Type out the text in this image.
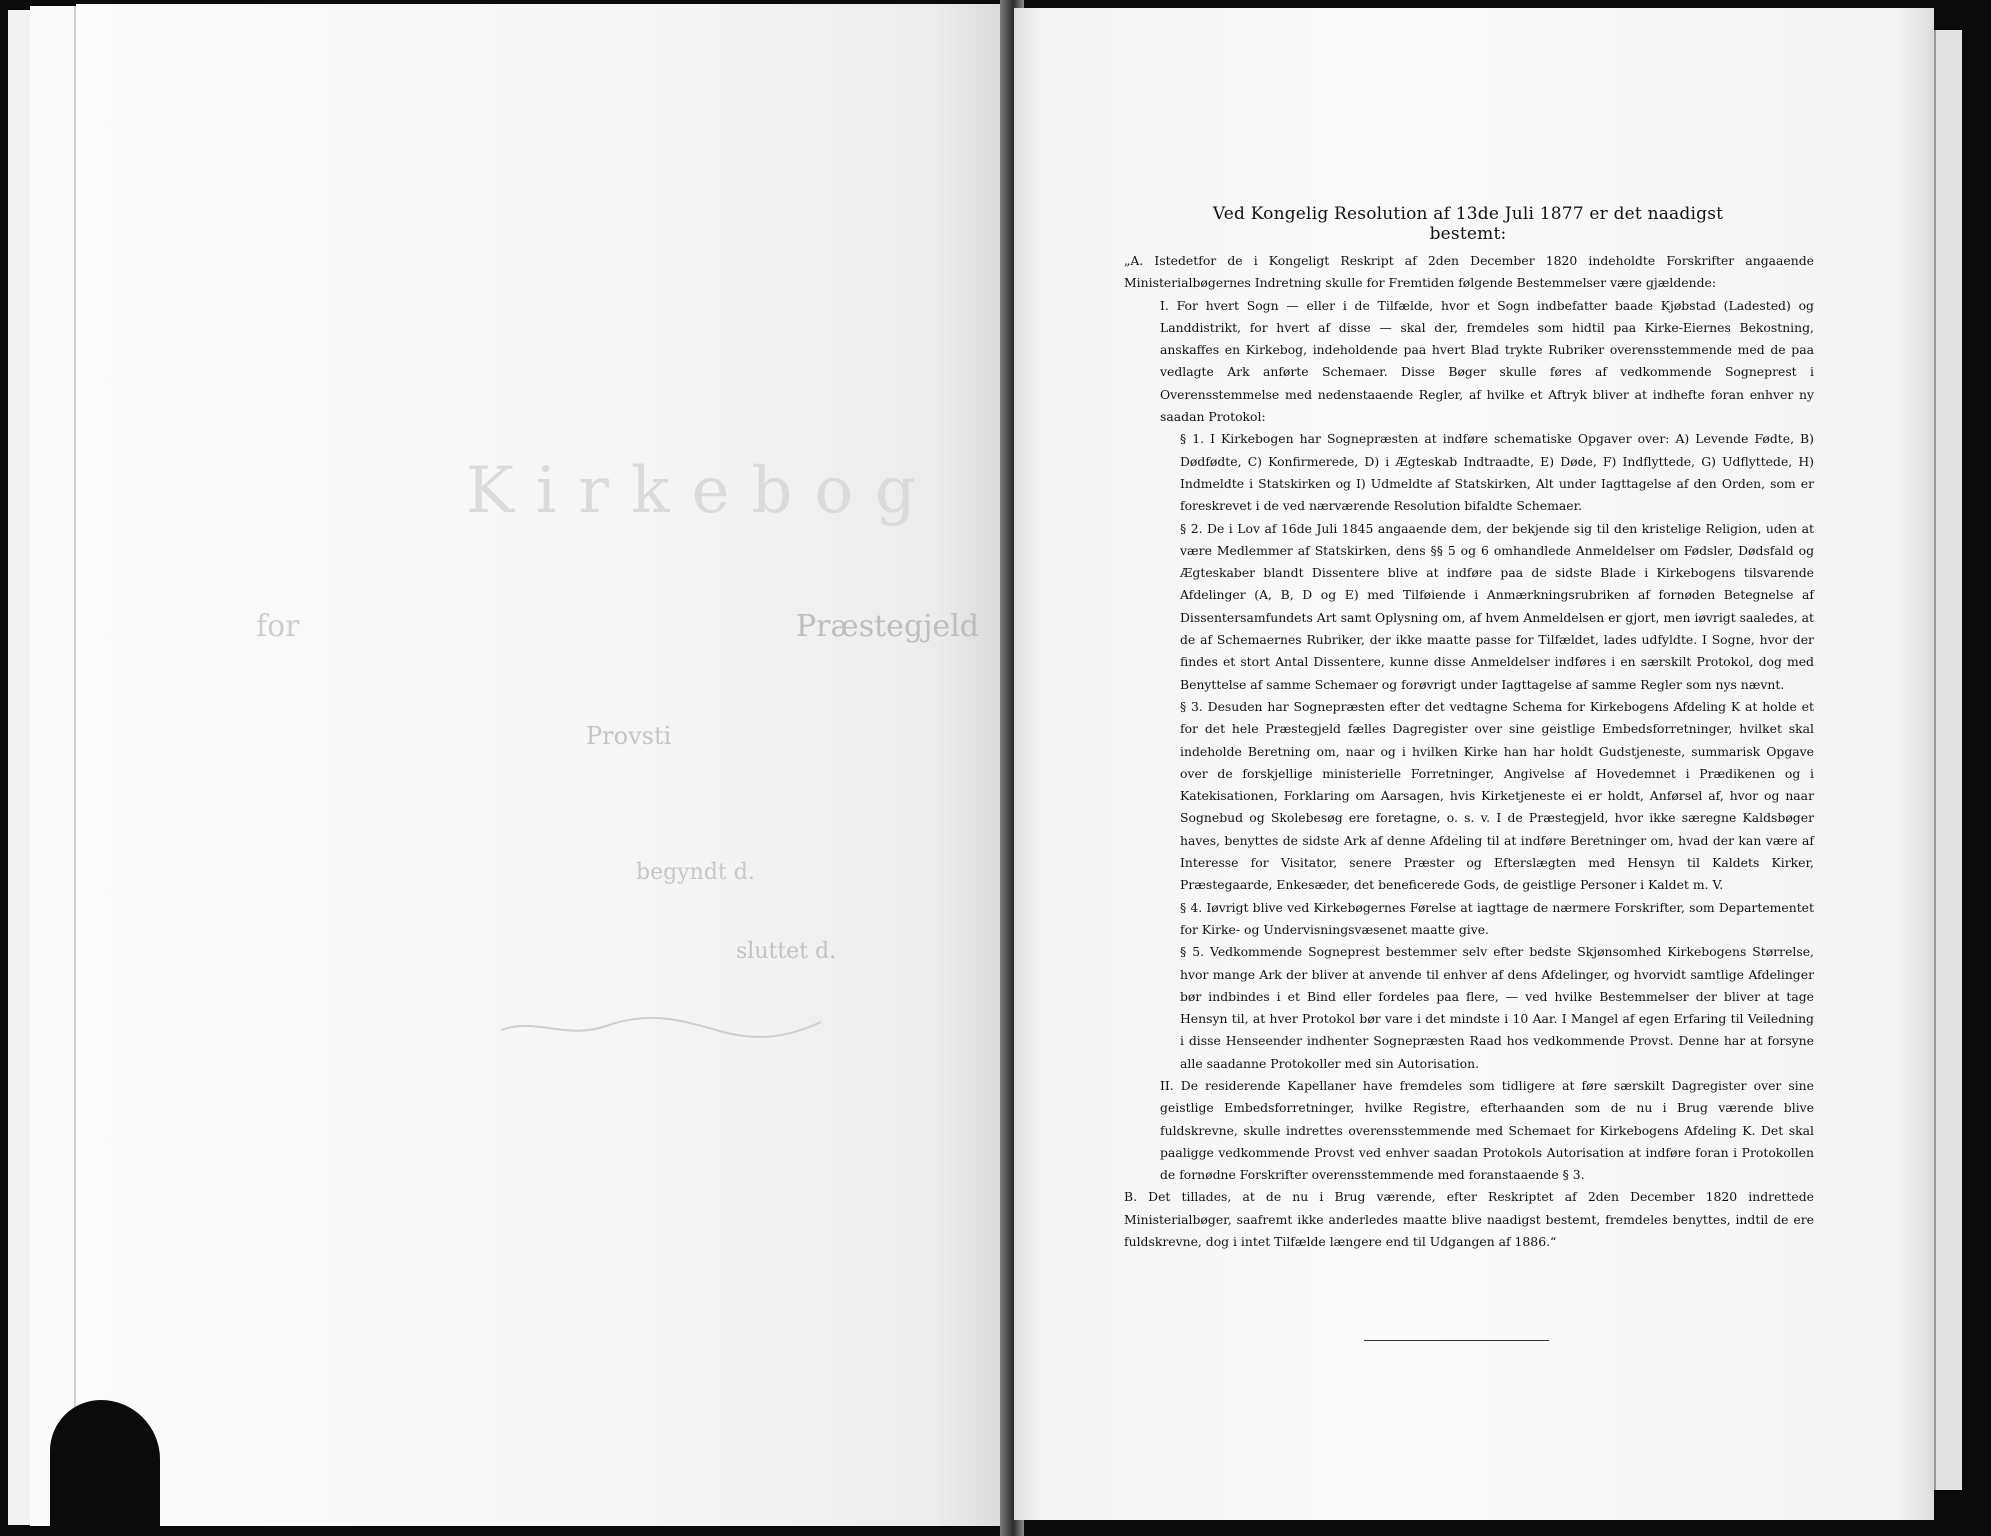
Kirkebog
for	Præstegjeld
Provsti
begyndt d.
sluttet d.
Ved Kongelig Resolution af 13de Juli 1877 er det naadigst bestemt:

„A. Istedetfor de i Kongeligt Reskript af 2den December 1820 indeholdte Forskrifter angaaende Ministerialbøgernes Indretning skulle for Fremtiden følgende Bestemmelser være gjældende:

I. For hvert Sogn — eller i de Tilfælde, hvor et Sogn indbefatter baade Kjøbstad (Ladested) og Landdistrikt, for hvert af disse — skal der, fremdeles som hidtil paa Kirke-Eiernes Bekostning, anskaffes en Kirkebog, indeholdende paa hvert Blad trykte Rubriker overensstemmende med de paa vedlagte Ark anførte Schemaer. Disse Bøger skulle føres af vedkommende Sogneprest i Overensstemmelse med nedenstaaende Regler, af hvilke et Aftryk bliver at indhefte foran enhver ny saadan Protokol:

§ 1. I Kirkebogen har Sognepræsten at indføre schematiske Opgaver over: A) Levende Fødte, B) Dødfødte, C) Konfirmerede, D) i Ægteskab Indtraadte, E) Døde, F) Indflyttede, G) Udflyttede, H) Indmeldte i Statskirken og I) Udmeldte af Statskirken, Alt under Iagttagelse af den Orden, som er foreskrevet i de ved nærværende Resolution bifaldte Schemaer.

§ 2. De i Lov af 16de Juli 1845 angaaende dem, der bekjende sig til den kristelige Religion, uden at være Medlemmer af Statskirken, dens §§ 5 og 6 omhandlede Anmeldelser om Fødsler, Dødsfald og Ægteskaber blandt Dissentere blive at indføre paa de sidste Blade i Kirkebogens tilsvarende Afdelinger (A, B, D og E) med Tilføiende i Anmærkningsrubriken af fornøden Betegnelse af Dissentersamfundets Art samt Oplysning om, af hvem Anmeldelsen er gjort, men iøvrigt saaledes, at de af Schemaernes Rubriker, der ikke maatte passe for Tilfældet, lades udfyldte. I Sogne, hvor der findes et stort Antal Dissentere, kunne disse Anmeldelser indføres i en særskilt Protokol, dog med Benyttelse af samme Schemaer og forøvrigt under Iagttagelse af samme Regler som nys nævnt.

§ 3. Desuden har Sognepræsten efter det vedtagne Schema for Kirkebogens Afdeling K at holde et for det hele Præstegjeld fælles Dagregister over sine geistlige Embedsforretninger, hvilket skal indeholde Beretning om, naar og i hvilken Kirke han har holdt Gudstjeneste, summarisk Opgave over de forskjellige ministerielle Forretninger, Angivelse af Hovedemnet i Prædikenen og i Katekisationen, Forklaring om Aarsagen, hvis Kirketjeneste ei er holdt, Anførsel af, hvor og naar Sognebud og Skolebesøg ere foretagne, o. s. v. I de Præstegjeld, hvor ikke særegne Kaldsbøger haves, benyttes de sidste Ark af denne Afdeling til at indføre Beretninger om, hvad der kan være af Interesse for Visitator, senere Præster og Efterslægten med Hensyn til Kaldets Kirker, Præstegaarde, Enkesæder, det beneficerede Gods, de geistlige Personer i Kaldet m. V.

§ 4. Iøvrigt blive ved Kirkebøgernes Førelse at iagttage de nærmere Forskrifter, som Departementet for Kirke- og Undervisningsvæsenet maatte give.

§ 5. Vedkommende Sogneprest bestemmer selv efter bedste Skjønsomhed Kirkebogens Størrelse, hvor mange Ark der bliver at anvende til enhver af dens Afdelinger, og hvorvidt samtlige Afdelinger bør indbindes i et Bind eller fordeles paa flere, — ved hvilke Bestemmelser der bliver at tage Hensyn til, at hver Protokol bør vare i det mindste i 10 Aar. I Mangel af egen Erfaring til Veiledning i disse Henseender indhenter Sognepræsten Raad hos vedkommende Provst. Denne har at forsyne alle saadanne Protokoller med sin Autorisation.

II. De residerende Kapellaner have fremdeles som tidligere at føre særskilt Dagregister over sine geistlige Embedsforretninger, hvilke Registre, efterhaanden som de nu i Brug værende blive fuldskrevne, skulle indrettes overensstemmende med Schemaet for Kirkebogens Afdeling K. Det skal paaligge vedkommende Provst ved enhver saadan Protokols Autorisation at indføre foran i Protokollen de fornødne Forskrifter overensstemmende med foranstaaende § 3.

B. Det tillades, at de nu i Brug værende, efter Reskriptet af 2den December 1820 indrettede Ministerialbøger, saafremt ikke anderledes maatte blive naadigst bestemt, fremdeles benyttes, indtil de ere fuldskrevne, dog i intet Tilfælde længere end til Udgangen af 1886.“
